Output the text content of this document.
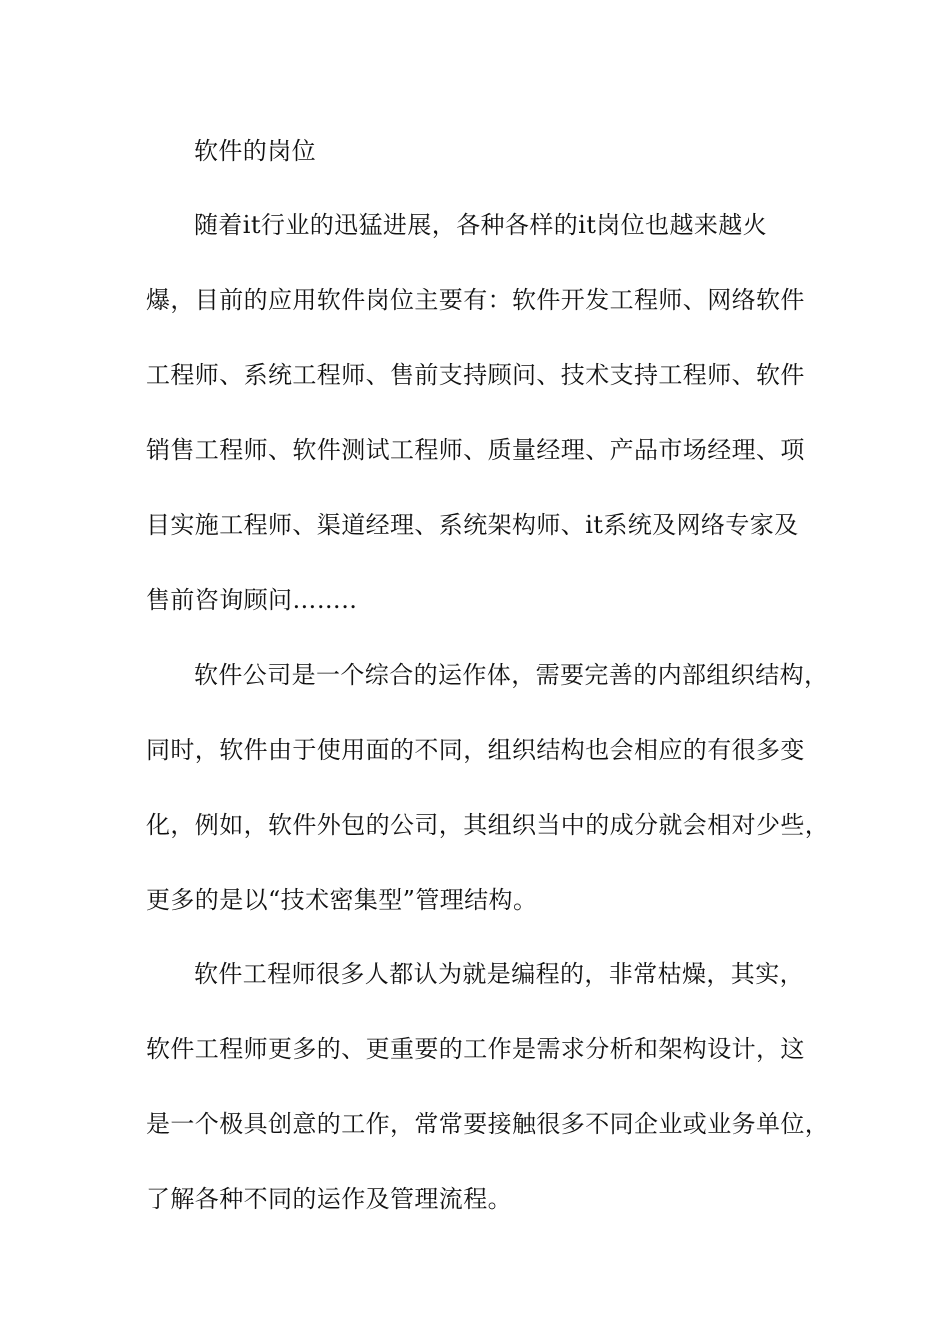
软件的岗位
随着it行业的迅猛进展，各种各样的it岗位也越来越火
爆，目前的应用软件岗位主要有：软件开发工程师、网络软件
工程师、系统工程师、售前支持顾问、技术支持工程师、软件
销售工程师、软件测试工程师、质量经理、产品市场经理、项
目实施工程师、渠道经理、系统架构师、it系统及网络专家及
售前咨询顾问……..
软件公司是一个综合的运作体，需要完善的内部组织结构，
同时，软件由于使用面的不同，组织结构也会相应的有很多变
化，例如，软件外包的公司，其组织当中的成分就会相对少些，
更多的是以“技术密集型”管理结构。
软件工程师很多人都认为就是编程的，非常枯燥，其实，
软件工程师更多的、更重要的工作是需求分析和架构设计，这
是一个极具创意的工作，常常要接触很多不同企业或业务单位，
了解各种不同的运作及管理流程。
